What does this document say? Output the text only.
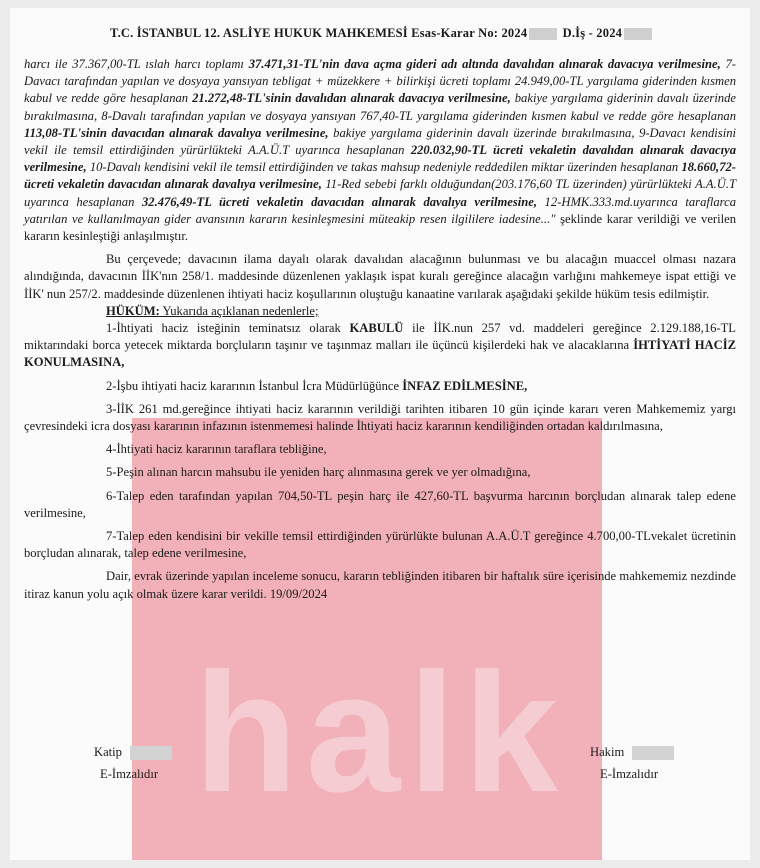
halk
T.C. İSTANBUL 12. ASLİYE HUKUK MAHKEMESİ Esas-Karar No: 2024	D.İş - 2024

harcı ile 37.367,00-TL ıslah harcı toplamı 37.471,31-TL'nin dava açma gideri adı altında davalıdan alınarak davacıya verilmesine, 7-Davacı tarafından yapılan ve dosyaya yansıyan tebligat + müzekkere + bilirkişi ücreti toplamı 24.949,00-TL yargılama giderinden kısmen kabul ve redde göre hesaplanan 21.272,48-TL'sinin davalıdan alınarak davacıya verilmesine, bakiye yargılama giderinin davalı üzerinde bırakılmasına, 8-Davalı tarafından yapılan ve dosyaya yansıyan 767,40-TL yargılama giderinden kısmen kabul ve redde göre hesaplanan 113,08-TL'sinin davacıdan alınarak davalıya verilmesine, bakiye yargılama giderinin davalı üzerinde bırakılmasına, 9-Davacı kendisini vekil ile temsil ettirdiğinden yürürlükteki A.A.Ü.T uyarınca hesaplanan 220.032,90-TL ücreti vekaletin davalıdan alınarak davacıya verilmesine, 10-Davalı kendisini vekil ile temsil ettirdiğinden ve takas mahsup nedeniyle reddedilen miktar üzerinden hesaplanan 18.660,72-ücreti vekaletin davacıdan alınarak davalıya verilmesine, 11-Red sebebi farklı olduğundan(203.176,60 TL üzerinden) yürürlükteki A.A.Ü.T uyarınca hesaplanan 32.476,49-TL ücreti vekaletin davacıdan alınarak davalıya verilmesine, 12-HMK.333.md.uyarınca taraflarca yatırılan ve kullanılmayan gider avansının kararın kesinleşmesini müteakip resen ilgililere iadesine..." şeklinde karar verildiği ve verilen kararın kesinleştiği anlaşılmıştır.

Bu çerçevede; davacının ilama dayalı olarak davalıdan alacağının bulunması ve bu alacağın muaccel olması nazara alındığında, davacının İİK'nın 258/1. maddesinde düzenlenen yaklaşık ispat kuralı gereğince alacağın varlığını mahkemeye ispat ettiği ve İİK' nun 257/2. maddesinde düzenlenen ihtiyati haciz koşullarının oluştuğu kanaatine varılarak aşağıdaki şekilde hüküm tesis edilmiştir.

HÜKÜM: Yukarıda açıklanan nedenlerle;

1-İhtiyati haciz isteğinin teminatsız olarak KABULÜ ile İİK.nun 257 vd. maddeleri gereğince 2.129.188,16-TL miktarındaki borca yetecek miktarda borçluların taşınır ve taşınmaz malları ile üçüncü kişilerdeki hak ve alacaklarına İHTİYATİ HACİZ KONULMASINA,

2-İşbu ihtiyati haciz kararının İstanbul İcra Müdürlüğünce İNFAZ EDİLMESİNE,

3-İİK 261 md.gereğince ihtiyati haciz kararının verildiği tarihten itibaren 10 gün içinde kararı veren Mahkememiz yargı çevresindeki icra dosyası kararının infazının istenmemesi halinde İhtiyati haciz kararının kendiliğinden ortadan kaldırılmasına,

4-İhtiyati haciz kararının taraflara tebliğine,

5-Peşin alınan harcın mahsubu ile yeniden harç alınmasına gerek ve yer olmadığına,

6-Talep eden tarafından yapılan 704,50-TL peşin harç ile 427,60-TL başvurma harcının borçludan alınarak talep edene verilmesine,

7-Talep eden kendisini bir vekille temsil ettirdiğinden yürürlükte bulunan A.A.Ü.T gereğince 4.700,00-TLvekalet ücretinin borçludan alınarak, talep edene verilmesine,

Dair, evrak üzerinde yapılan inceleme sonucu, kararın tebliğinden itibaren bir haftalık süre içerisinde mahkememiz nezdinde itiraz kanun yolu açık olmak üzere karar verildi. 19/09/2024

Katip
E-İmzalıdır
Hakim
E-İmzalıdır
